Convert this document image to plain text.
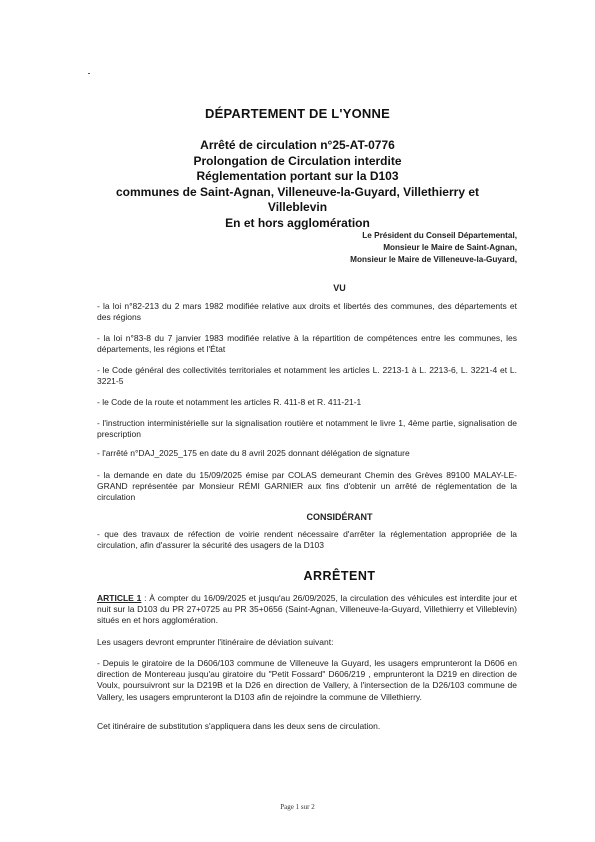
DÉPARTEMENT DE L'YONNE
Arrêté de circulation n°25-AT-0776
Prolongation de Circulation interdite
Réglementation portant sur la D103
communes de Saint-Agnan, Villeneuve-la-Guyard, Villethierry et
Villeblevin
En et hors agglomération
Le Président du Conseil Départemental,
Monsieur le Maire de Saint-Agnan,
Monsieur le Maire de Villeneuve-la-Guyard,
VU
- la loi n°82-213 du 2 mars 1982 modifiée relative aux droits et libertés des communes, des départements et des régions
- la loi n°83-8 du 7 janvier 1983 modifiée relative à la répartition de compétences entre les communes, les départements, les régions et l'État
- le Code général des collectivités territoriales et notamment les articles L. 2213-1 à L. 2213-6, L. 3221-4 et L. 3221-5
- le Code de la route et notamment les articles R. 411-8 et R. 411-21-1
- l'instruction interministérielle sur la signalisation routière et notamment le livre 1, 4ème partie, signalisation de prescription
- l'arrêté n°DAJ_2025_175 en date du 8 avril 2025 donnant délégation de signature
- la demande en date du 15/09/2025 émise par COLAS demeurant Chemin des Grèves 89100 MALAY-LE-GRAND représentée par Monsieur RÉMI GARNIER aux fins d'obtenir un arrêté de réglementation de la circulation
CONSIDÉRANT
- que des travaux de réfection de voirie rendent nécessaire d'arrêter la réglementation appropriée de la circulation, afin d'assurer la sécurité des usagers de la D103
ARRÊTENT
ARTICLE 1 : À compter du 16/09/2025 et jusqu'au 26/09/2025, la circulation des véhicules est interdite jour et nuit sur la D103 du PR 27+0725 au PR 35+0656 (Saint-Agnan, Villeneuve-la-Guyard, Villethierry et Villeblevin) situés en et hors agglomération.
Les usagers devront emprunter l'itinéraire de déviation suivant:
- Depuis le giratoire de la D606/103 commune de Villeneuve la Guyard, les usagers emprunteront la D606 en direction de Montereau jusqu'au giratoire du "Petit Fossard" D606/219 , emprunteront la D219 en direction de Voulx, poursuivront sur la D219B et la D26 en direction de Vallery, à l'intersection de la D26/103 commune de Vallery, les usagers emprunteront la D103 afin de rejoindre la commune de Villethierry.
Cet itinéraire de substitution s'appliquera dans les deux sens de circulation.
Page 1 sur 2
